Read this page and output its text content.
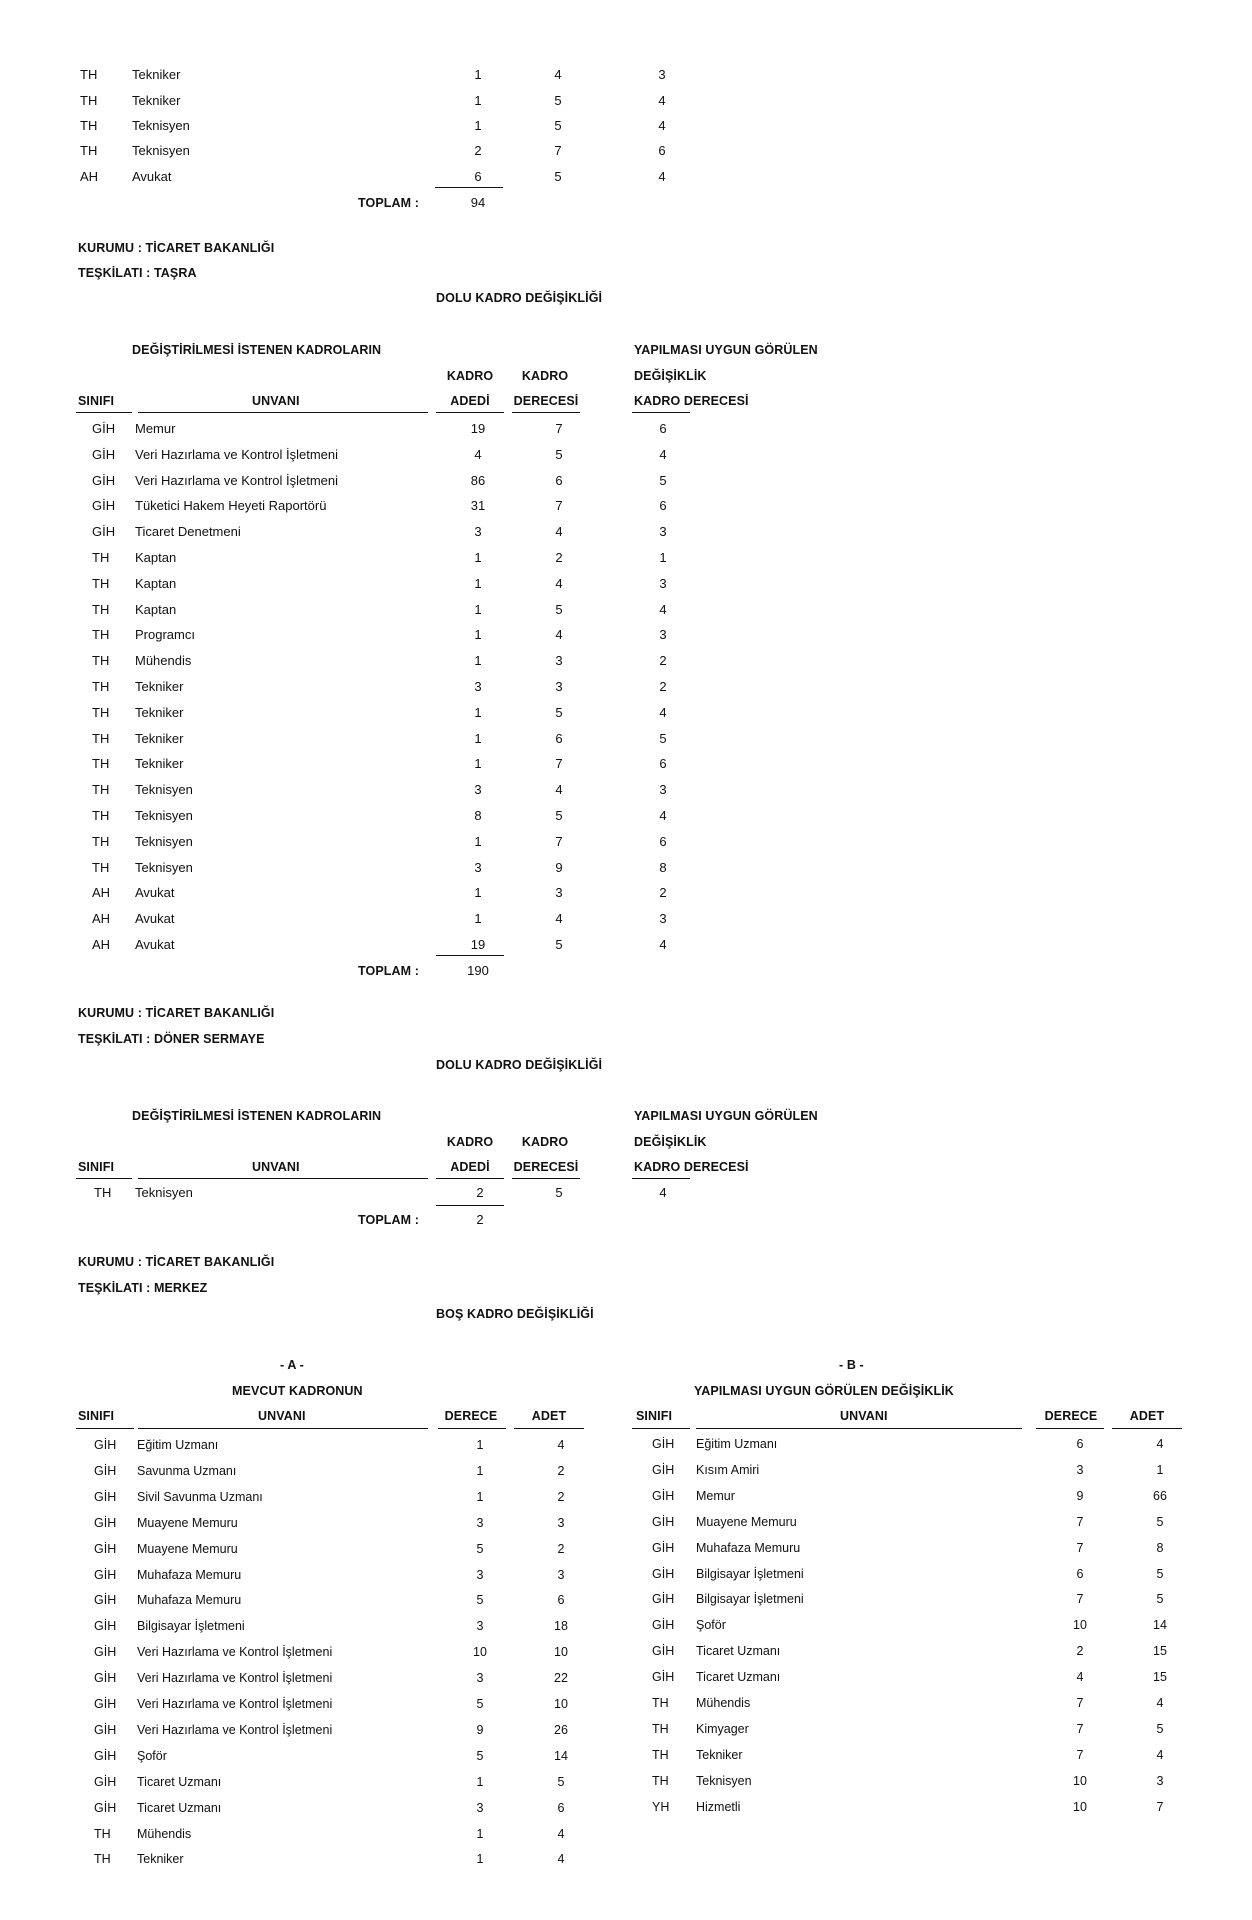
TH	Tekniker	1	4	3
TH	Tekniker	1	5	4
TH	Teknisyen	1	5	4
TH	Teknisyen	2	7	6
AH	Avukat	6	5	4
TOPLAM :	94
KURUMU : TİCARET BAKANLIĞI
TEŞKİLATI : TAŞRA
DOLU KADRO DEĞİŞİKLİĞİ
DEĞİŞTİRİLMESİ İSTENEN KADROLARIN	YAPILMASI UYGUN GÖRÜLEN
KADRO	KADRO	DEĞİŞİKLİK
SINIFI	UNVANI	ADEDİ	DERECESİ	KADRO DERECESİ
GİH	Memur	19	7	6
GİH	Veri Hazırlama ve Kontrol İşletmeni	4	5	4
GİH	Veri Hazırlama ve Kontrol İşletmeni	86	6	5
GİH	Tüketici Hakem Heyeti Raportörü	31	7	6
GİH	Ticaret Denetmeni	3	4	3
TH	Kaptan	1	2	1
TH	Kaptan	1	4	3
TH	Kaptan	1	5	4
TH	Programcı	1	4	3
TH	Mühendis	1	3	2
TH	Tekniker	3	3	2
TH	Tekniker	1	5	4
TH	Tekniker	1	6	5
TH	Tekniker	1	7	6
TH	Teknisyen	3	4	3
TH	Teknisyen	8	5	4
TH	Teknisyen	1	7	6
TH	Teknisyen	3	9	8
AH	Avukat	1	3	2
AH	Avukat	1	4	3
AH	Avukat	19	5	4
TOPLAM :	190
KURUMU : TİCARET BAKANLIĞI
TEŞKİLATI : DÖNER SERMAYE
DOLU KADRO DEĞİŞİKLİĞİ
DEĞİŞTİRİLMESİ İSTENEN KADROLARIN	YAPILMASI UYGUN GÖRÜLEN
KADRO	KADRO	DEĞİŞİKLİK
SINIFI	UNVANI	ADEDİ	DERECESİ	KADRO DERECESİ
TH Teknisyen	2	5	4
TOPLAM :	2
KURUMU : TİCARET BAKANLIĞI
TEŞKİLATI : MERKEZ
BOŞ KADRO DEĞİŞİKLİĞİ
- A -
MEVCUT KADRONUN
- B -
YAPILMASI UYGUN GÖRÜLEN DEĞİŞİKLİK
SINIFI	UNVANI	DERECE	ADET	SINIFI	UNVANI	DERECE	ADET
GİH	Eğitim Uzmanı	1	4
GİH	Savunma Uzmanı	1	2
GİH	Sivil Savunma Uzmanı	1	2
GİH	Muayene Memuru	3	3
GİH	Muayene Memuru	5	2
GİH	Muhafaza Memuru	3	3
GİH	Muhafaza Memuru	5	6
GİH	Bilgisayar İşletmeni	3	18
GİH	Veri Hazırlama ve Kontrol İşletmeni	10	10
GİH	Veri Hazırlama ve Kontrol İşletmeni	3	22
GİH	Veri Hazırlama ve Kontrol İşletmeni	5	10
GİH	Veri Hazırlama ve Kontrol İşletmeni	9	26
GİH	Şoför	5	14
GİH	Ticaret Uzmanı	1	5
GİH	Ticaret Uzmanı	3	6
TH	Mühendis	1	4
TH	Tekniker	1	4
GİH	Eğitim Uzmanı	6	4
GİH	Kısım Amiri	3	1
GİH	Memur	9	66
GİH	Muayene Memuru	7	5
GİH	Muhafaza Memuru	7	8
GİH	Bilgisayar İşletmeni	6	5
GİH	Bilgisayar İşletmeni	7	5
GİH	Şoför	10	14
GİH	Ticaret Uzmanı	2	15
GİH	Ticaret Uzmanı	4	15
TH	Mühendis	7	4
TH	Kimyager	7	5
TH	Tekniker	7	4
TH	Teknisyen	10	3
YH	Hizmetli	10	7
